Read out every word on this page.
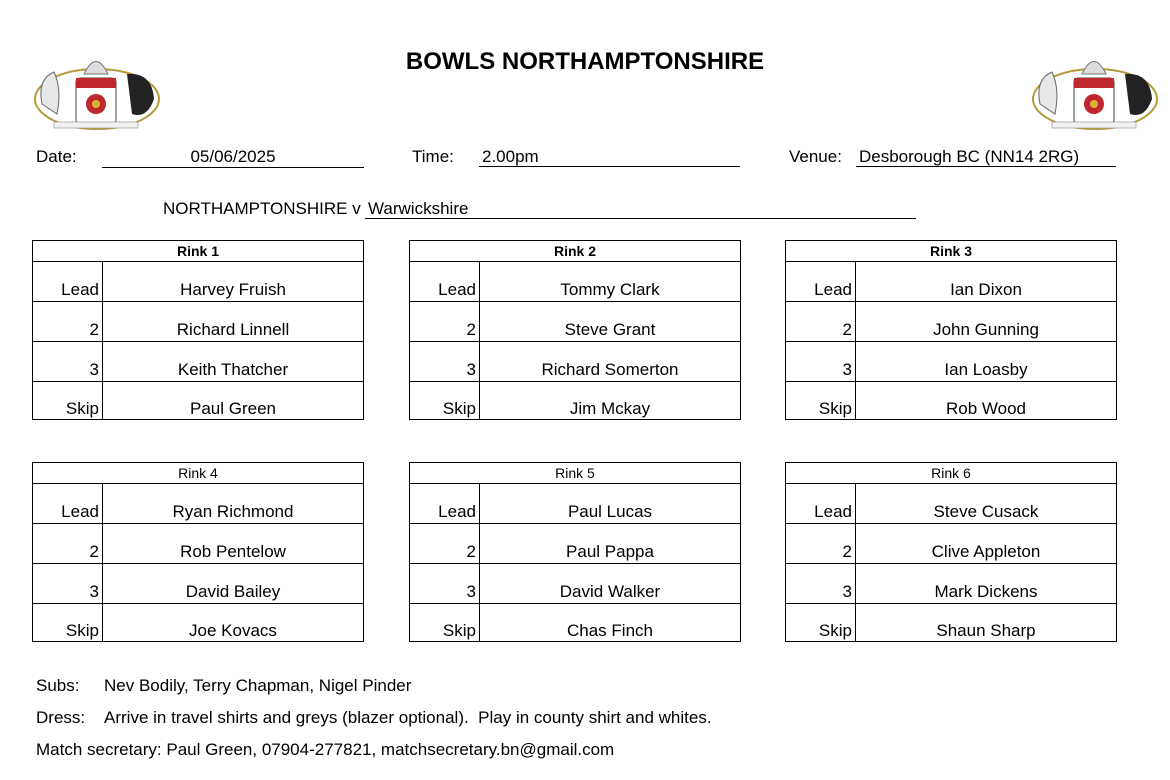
BOWLS NORTHAMPTONSHIRE
Date:	05/06/2025	Time: 2.00pm	Venue: Desborough BC (NN14 2RG)
NORTHAMPTONSHIRE v Warwickshire
Rink 1
Lead	Harvey Fruish
2	Richard Linnell
3	Keith Thatcher
Skip	Paul Green
Rink 2
Lead	Tommy Clark
2	Steve Grant
3	Richard Somerton
Skip	Jim Mckay
Rink 3
Lead	Ian Dixon
2	John Gunning
3	Ian Loasby
Skip	Rob Wood
Rink 4
Lead	Ryan Richmond
2	Rob Pentelow
3	David Bailey
Skip	Joe Kovacs
Rink 5
Lead	Paul Lucas
2	Paul Pappa
3	David Walker
Skip	Chas Finch
Rink 6
Lead	Steve Cusack
2	Clive Appleton
3	Mark Dickens
Skip	Shaun Sharp
Subs: Nev Bodily, Terry Chapman, Nigel Pinder
Dress: Arrive in travel shirts and greys (blazer optional).  Play in county shirt and whites.
Match secretary: Paul Green, 07904-277821, matchsecretary.bn@gmail.com
